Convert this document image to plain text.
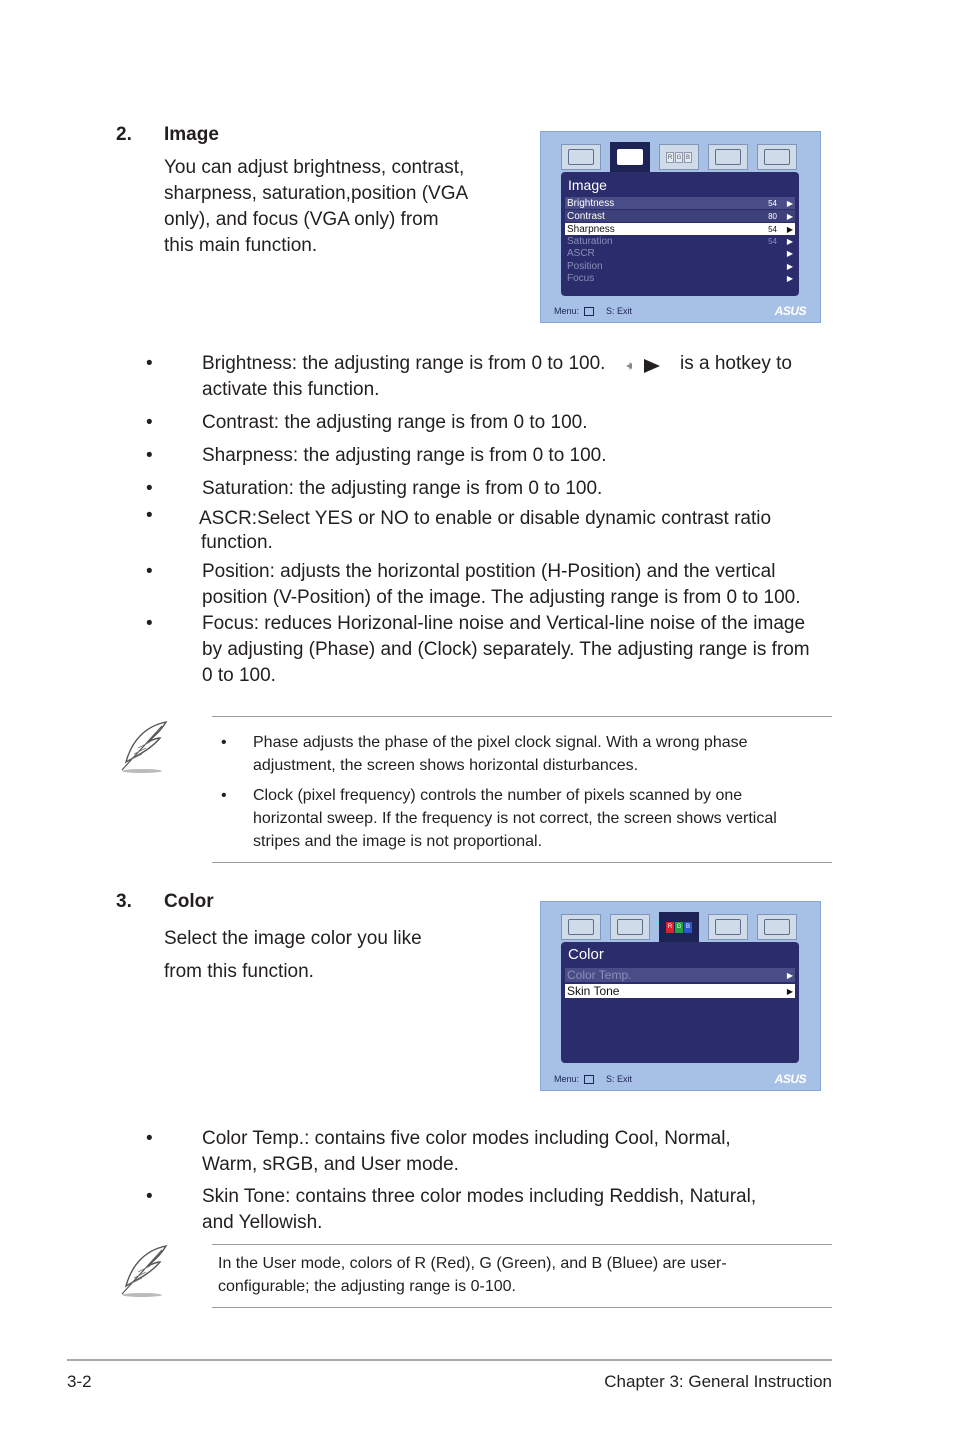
2. Image
You can adjust brightness, contrast,
sharpness, saturation,position (VGA
only), and focus (VGA only) from
this main function.
R G B
Image
Brightness	54	▶
Contrast	80	▶
Sharpness	54	▶
Saturation	54	▶
ASCR	▶
Position	▶
Focus	▶
Menu:	S: Exit	ASUS
•	Brightness: the adjusting range is from 0 to 100.	is a hotkey to
activate this function.
•	Contrast: the adjusting range is from 0 to 100.
•	Sharpness: the adjusting range is from 0 to 100.
•	Saturation: the adjusting range is from 0 to 100.
• ASCR:Select YES or NO to enable or disable dynamic contrast ratio
function.
•	Position: adjusts the horizontal postition (H-Position) and the vertical
position (V-Position) of the image. The adjusting range is from 0 to 100.
•	Focus: reduces Horizonal-line noise and Vertical-line noise of the image
by adjusting (Phase) and (Clock) separately. The adjusting range is from
0 to 100.
• Phase adjusts the phase of the pixel clock signal. With a wrong phase
adjustment, the screen shows horizontal disturbances.
• Clock (pixel frequency) controls the number of pixels scanned by one
horizontal sweep. If the frequency is not correct, the screen shows vertical
stripes and the image is not proportional.
3. Color
Select the image color you like
from this function.
R G B
Color
Color Temp.	▶
Skin Tone	▶
Menu:	S: Exit	ASUS
•	Color Temp.: contains five color modes including Cool, Normal,
Warm, sRGB, and User mode.
•	Skin Tone: contains three color modes including Reddish, Natural,
and Yellowish.
In the User mode, colors of R (Red), G (Green), and B (Bluee) are user-
configurable; the adjusting range is 0-100.
3-2	Chapter 3: General Instruction
